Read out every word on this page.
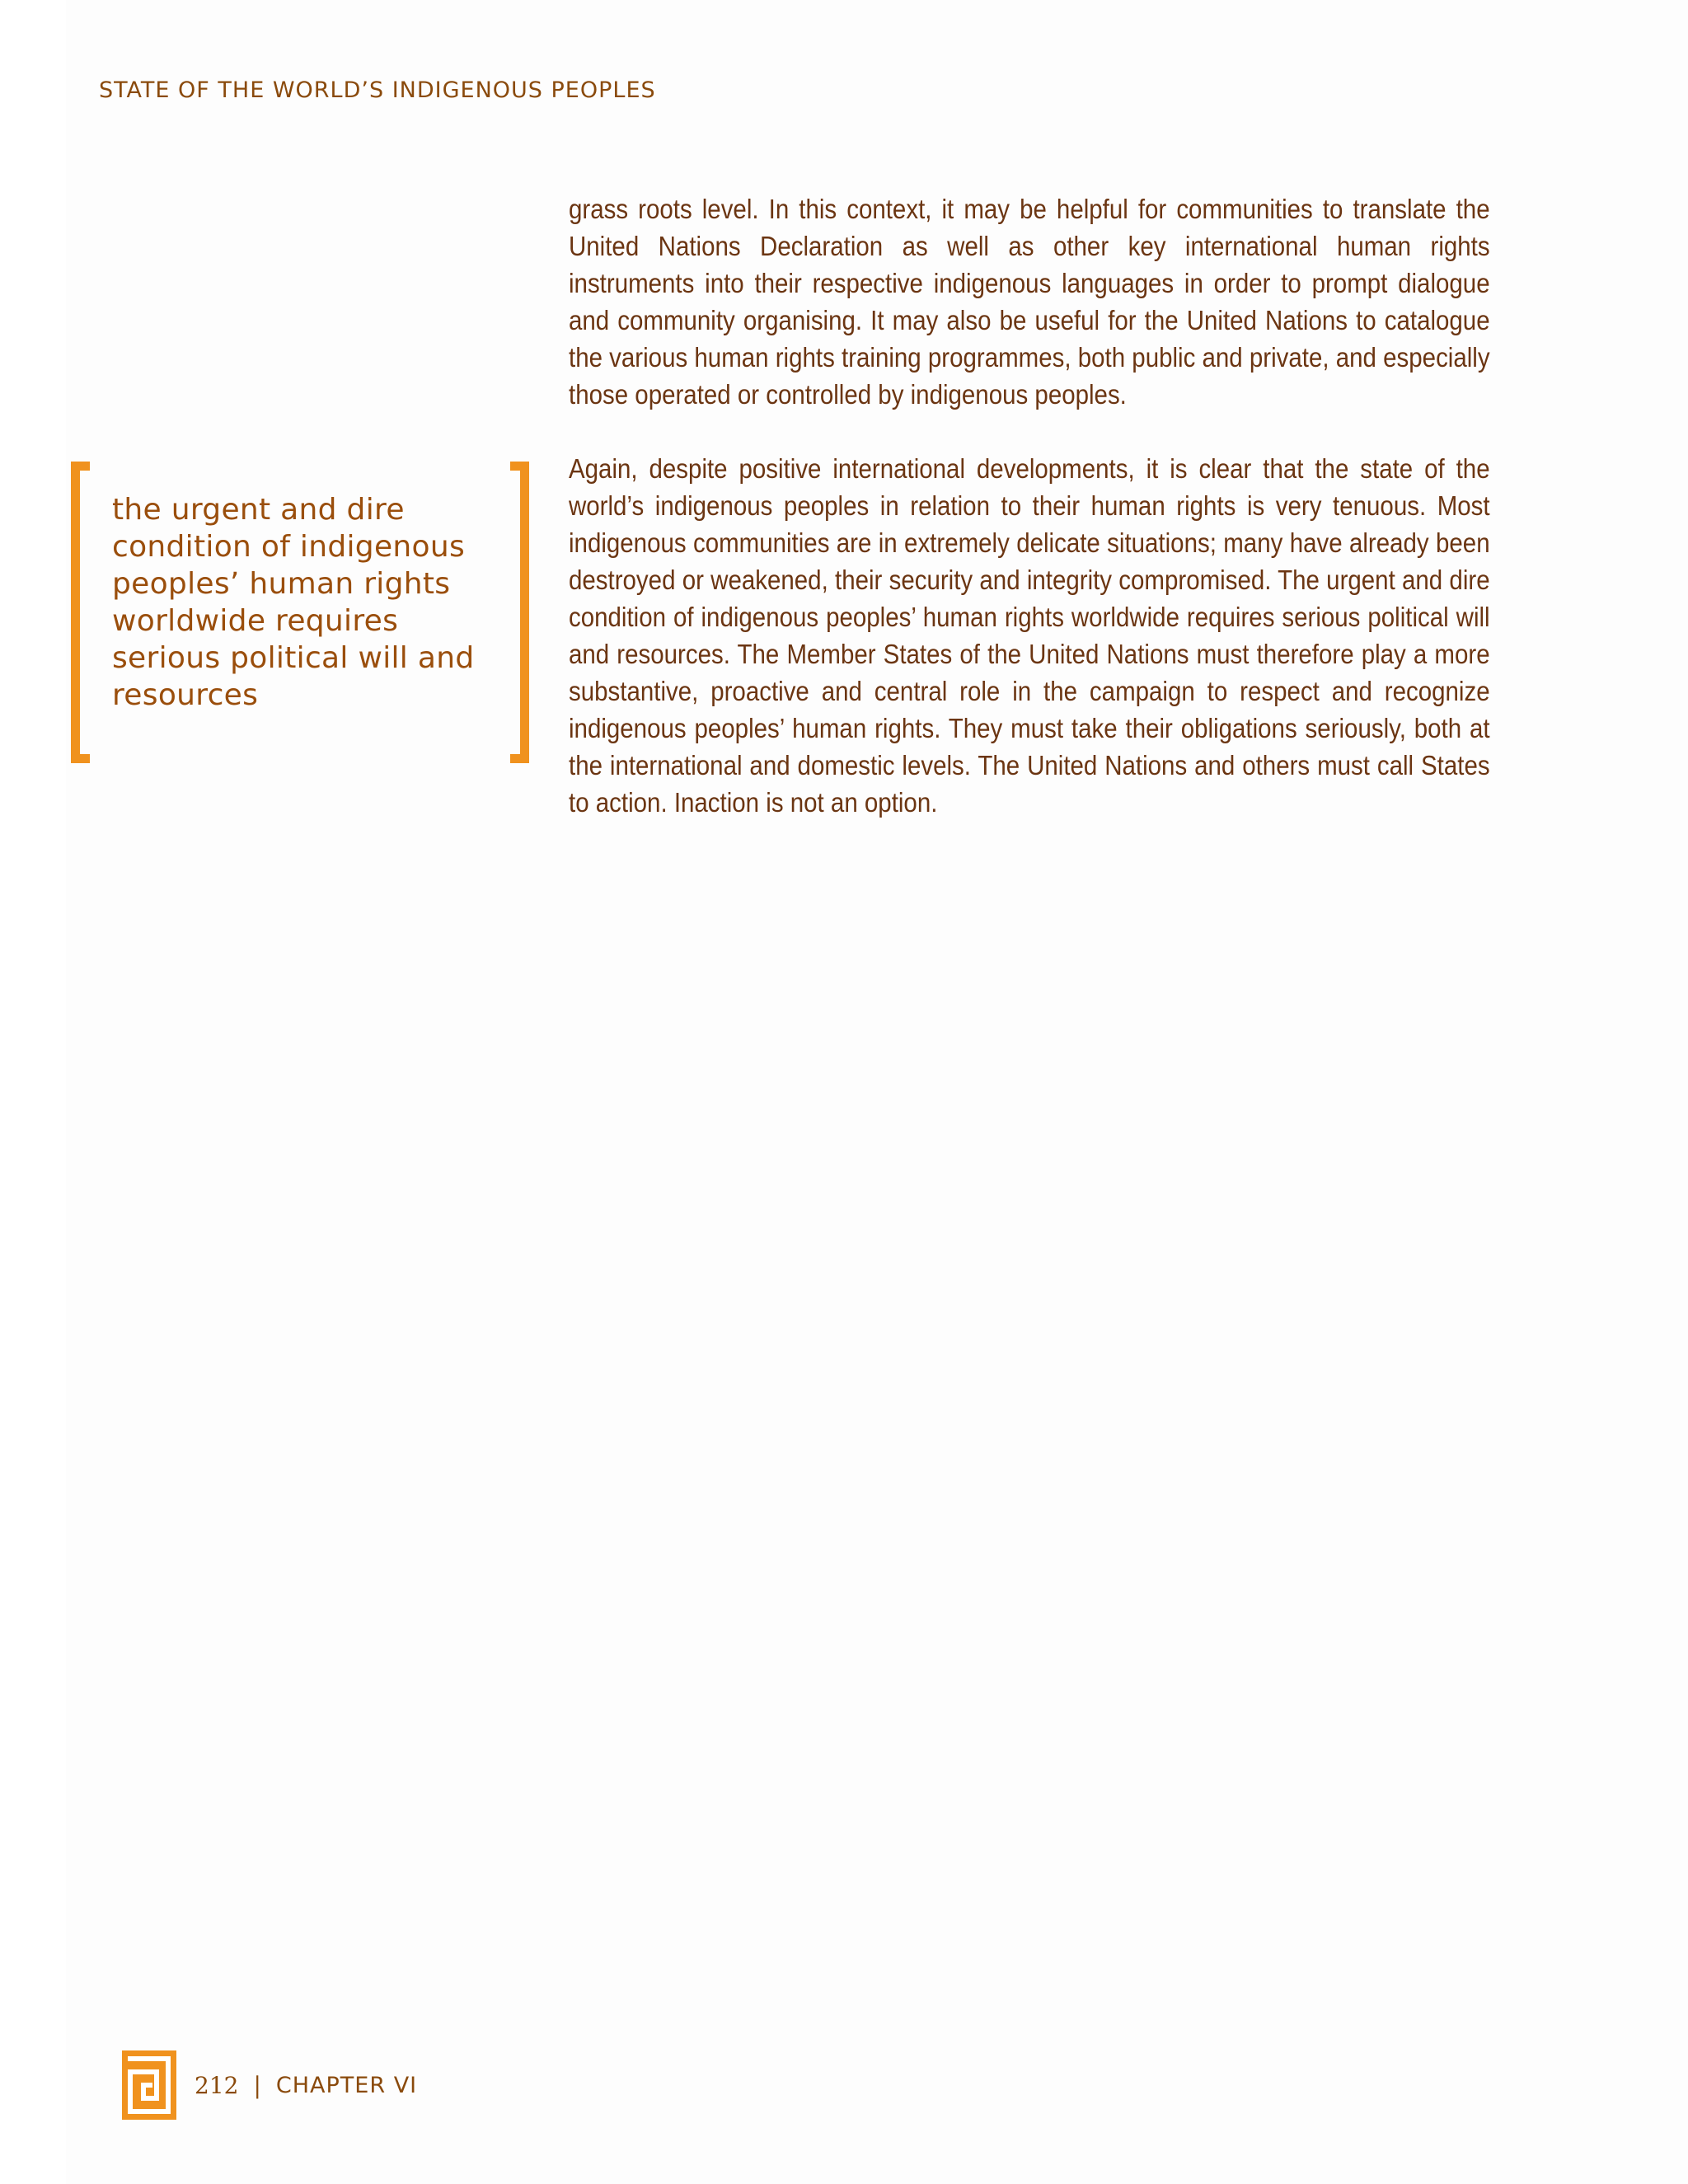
STATE OF THE WORLD’S INDIGENOUS PEOPLES

grass roots level. In this context, it may be helpful for communities to translate the United Nations Declaration as well as other key international human rights instruments into their respective indigenous languages in order to prompt dialogue and community organising. It may also be useful for the United Nations to catalogue the various human rights training programmes, both public and private, and especially those operated or controlled by indigenous peoples.

Again, despite positive international developments, it is clear that the state of the world’s indigenous peoples in relation to their human rights is very tenuous. Most indigenous communities are in extremely delicate situations; many have already been destroyed or weakened, their security and integrity compromised. The urgent and dire condition of indigenous peoples’ human rights worldwide requires serious political will and resources. The Member States of the United Nations must therefore play a more substantive, proactive and central role in the campaign to respect and recognize indigenous peoples’ human rights. They must take their obligations seriously, both at the international and domestic levels. The United Nations and others must call States to action. Inaction is not an option.

the urgent and dire condition of indigenous peoples’ human rights worldwide requires serious political will and resources
212 | CHAPTER VI
